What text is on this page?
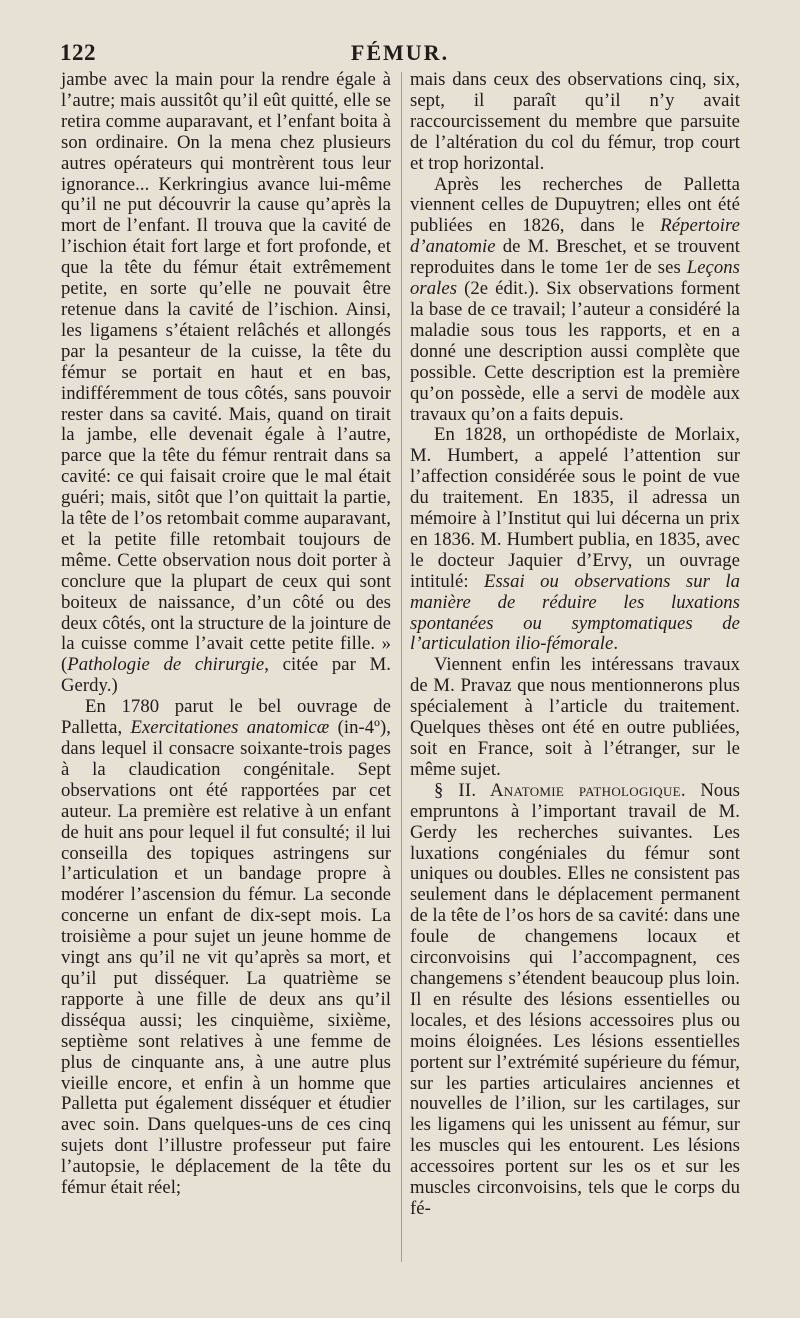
122	FÉMUR.

jambe avec la main pour la rendre égale à l’autre; mais aussitôt qu’il eût quitté, elle se retira comme auparavant, et l’enfant boita à son ordinaire. On la mena chez plusieurs autres opérateurs qui montrèrent tous leur ignorance... Kerkringius avance lui-même qu’il ne put découvrir la cause qu’après la mort de l’enfant. Il trouva que la cavité de l’ischion était fort large et fort profonde, et que la tête du fémur était extrêmement petite, en sorte qu’elle ne pouvait être retenue dans la cavité de l’ischion. Ainsi, les ligamens s’étaient relâchés et allongés par la pesanteur de la cuisse, la tête du fémur se portait en haut et en bas, indifféremment de tous côtés, sans pouvoir rester dans sa cavité. Mais, quand on tirait la jambe, elle devenait égale à l’autre, parce que la tête du fémur rentrait dans sa cavité: ce qui faisait croire que le mal était guéri; mais, sitôt que l’on quittait la partie, la tête de l’os retombait comme auparavant, et la petite fille retombait toujours de même. Cette observation nous doit porter à conclure que la plupart de ceux qui sont boiteux de naissance, d’un côté ou des deux côtés, ont la structure de la jointure de la cuisse comme l’avait cette petite fille. » (Pathologie de chirurgie, citée par M. Gerdy.)

En 1780 parut le bel ouvrage de Palletta, Exercitationes anatomicæ (in-4º), dans lequel il consacre soixante-trois pages à la claudication congénitale. Sept observations ont été rapportées par cet auteur. La première est relative à un enfant de huit ans pour lequel il fut consulté; il lui conseilla des topiques astringens sur l’articulation et un bandage propre à modérer l’ascension du fémur. La seconde concerne un enfant de dix-sept mois. La troisième a pour sujet un jeune homme de vingt ans qu’il ne vit qu’après sa mort, et qu’il put disséquer. La quatrième se rapporte à une fille de deux ans qu’il disséqua aussi; les cinquième, sixième, septième sont relatives à une femme de plus de cinquante ans, à une autre plus vieille encore, et enfin à un homme que Palletta put également disséquer et étudier avec soin. Dans quelques-uns de ces cinq sujets dont l’illustre professeur put faire l’autopsie, le déplacement de la tête du fémur était réel;

mais dans ceux des observations cinq, six, sept, il paraît qu’il n’y avait raccourcissement du membre que parsuite de l’altération du col du fémur, trop court et trop horizontal.

Après les recherches de Palletta viennent celles de Dupuytren; elles ont été publiées en 1826, dans le Répertoire d’anatomie de M. Breschet, et se trouvent reproduites dans le tome 1er de ses Leçons orales (2e édit.). Six observations forment la base de ce travail; l’auteur a considéré la maladie sous tous les rapports, et en a donné une description aussi complète que possible. Cette description est la première qu’on possède, elle a servi de modèle aux travaux qu’on a faits depuis.

En 1828, un orthopédiste de Morlaix, M. Humbert, a appelé l’attention sur l’affection considérée sous le point de vue du traitement. En 1835, il adressa un mémoire à l’Institut qui lui décerna un prix en 1836. M. Humbert publia, en 1835, avec le docteur Jaquier d’Ervy, un ouvrage intitulé: Essai ou observations sur la manière de réduire les luxations spontanées ou symptomatiques de l’articulation ilio-fémorale.

Viennent enfin les intéressans travaux de M. Pravaz que nous mentionnerons plus spécialement à l’article du traitement. Quelques thèses ont été en outre publiées, soit en France, soit à l’étranger, sur le même sujet.

§ II. Anatomie pathologique. Nous empruntons à l’important travail de M. Gerdy les recherches suivantes. Les luxations congéniales du fémur sont uniques ou doubles. Elles ne consistent pas seulement dans le déplacement permanent de la tête de l’os hors de sa cavité: dans une foule de changemens locaux et circonvoisins qui l’accompagnent, ces changemens s’étendent beaucoup plus loin. Il en résulte des lésions essentielles ou locales, et des lésions accessoires plus ou moins éloignées. Les lésions essentielles portent sur l’extrémité supérieure du fémur, sur les parties articulaires anciennes et nouvelles de l’ilion, sur les cartilages, sur les ligamens qui les unissent au fémur, sur les muscles qui les entourent. Les lésions accessoires portent sur les os et sur les muscles circonvoisins, tels que le corps du fé-
